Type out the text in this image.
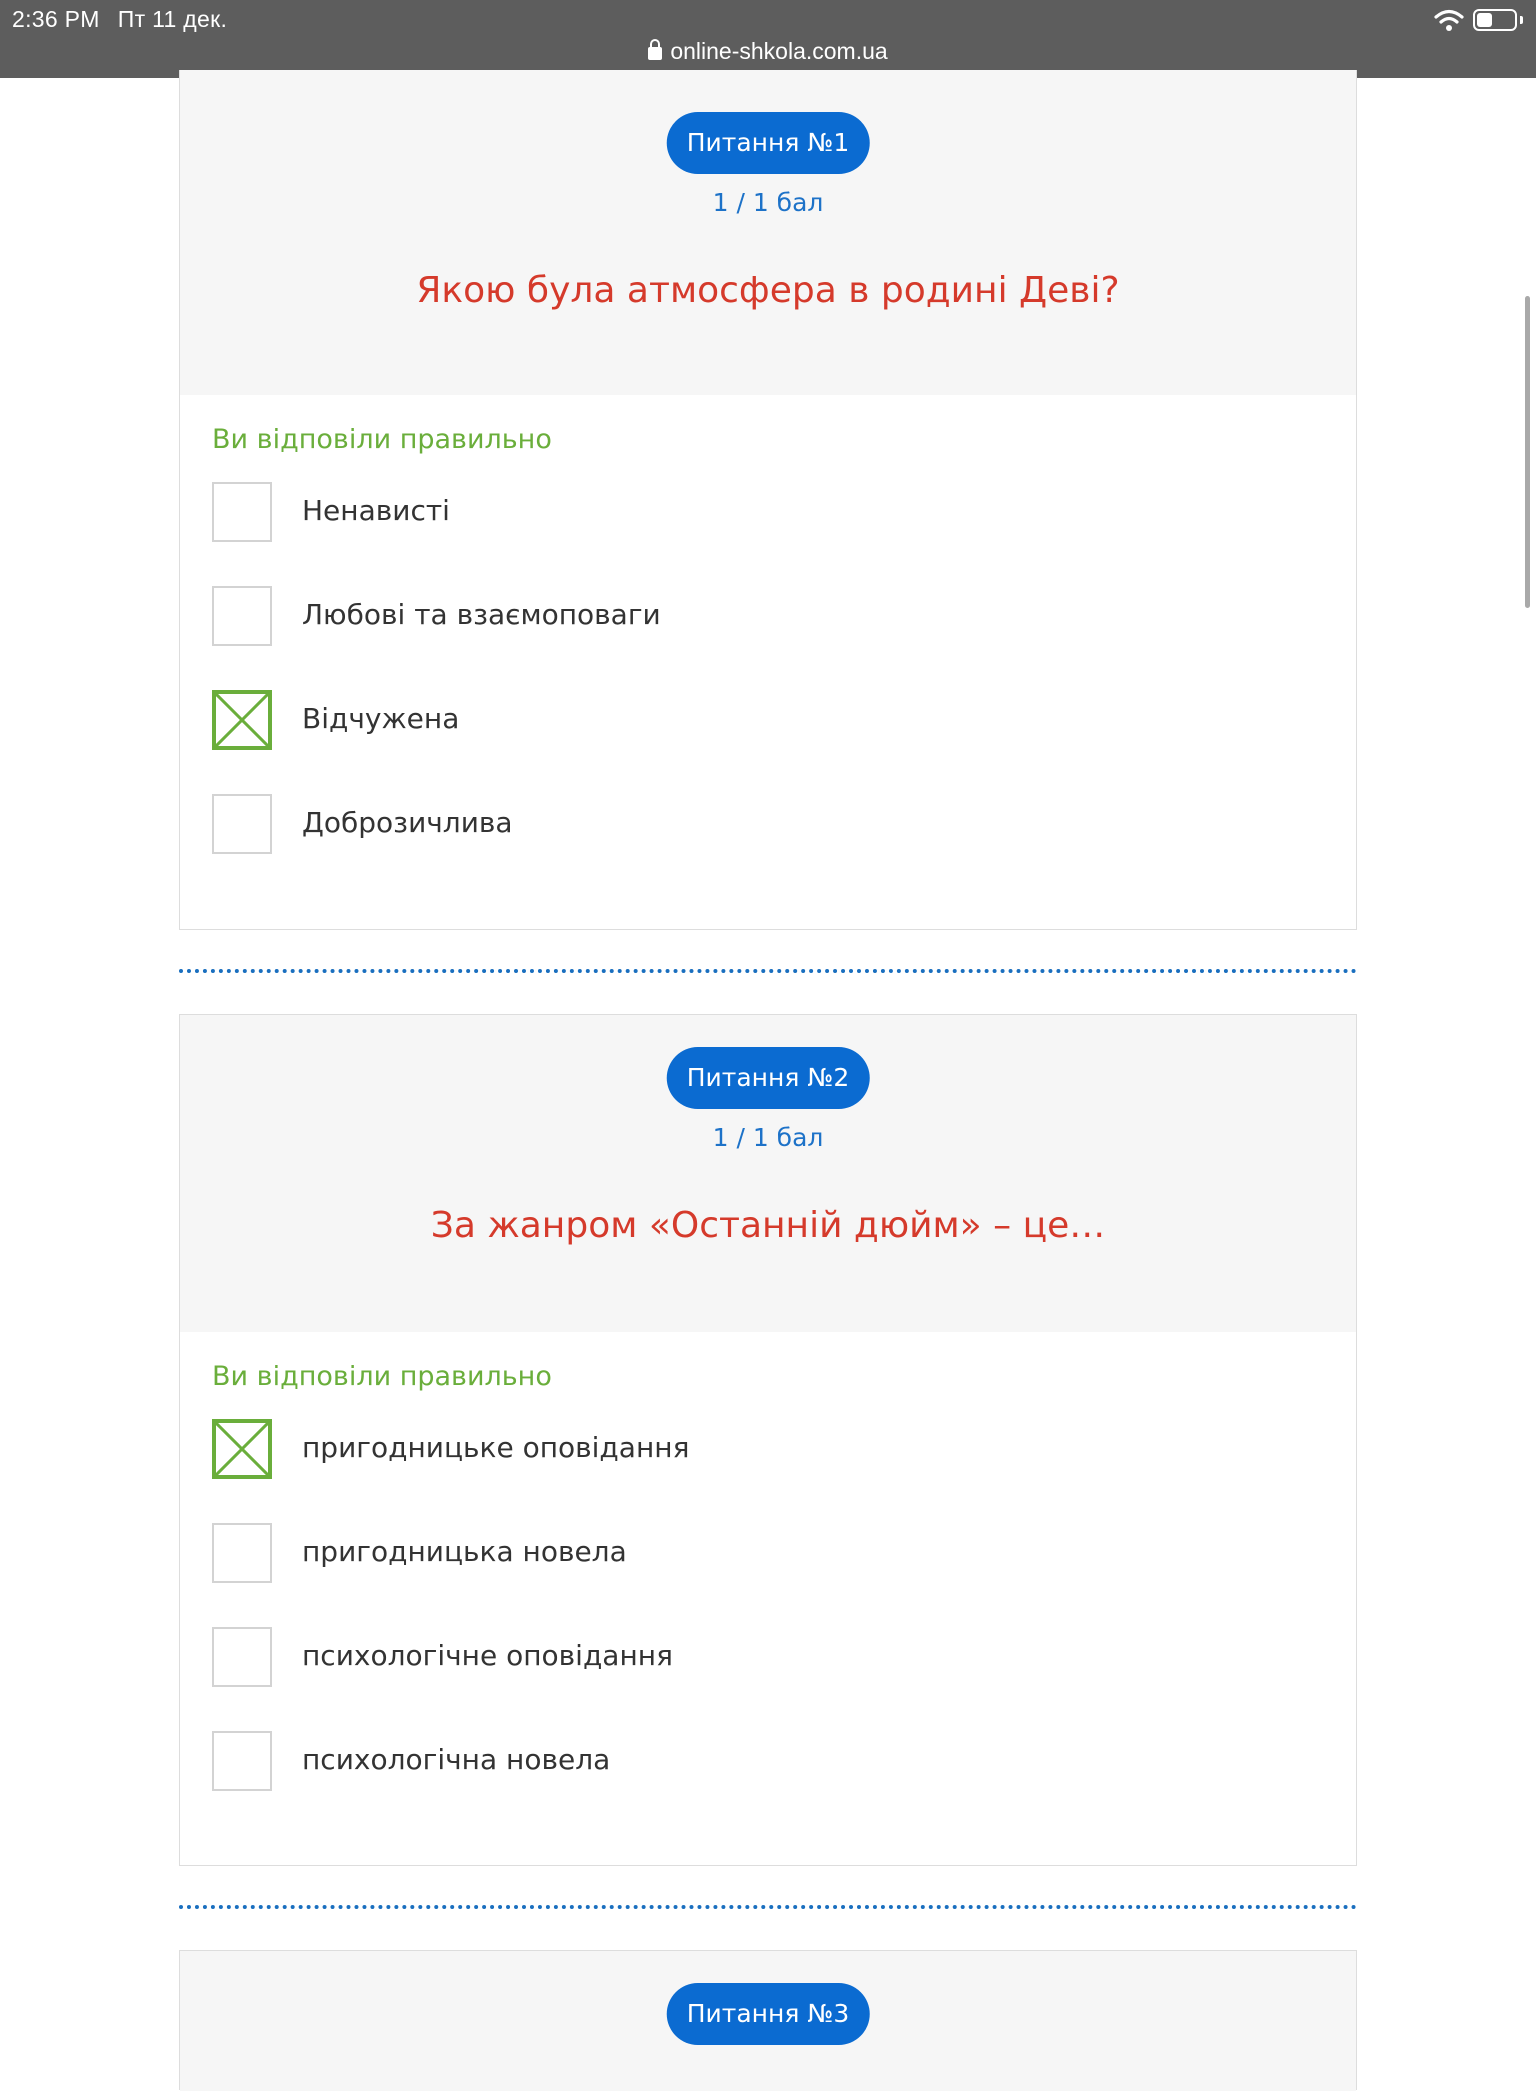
2:36 PM Пт 11 дек.
online-shkola.com.ua
Питання №1
1 / 1 бал
Якою була атмосфера в родині Деві?
Ви відповіли правильно
Ненависті
Любові та взаємоповаги
Відчужена
Доброзичлива
Питання №2
1 / 1 бал
За жанром «Останній дюйм» – це…
Ви відповіли правильно
пригодницьке оповідання
пригодницька новела
психологічне оповідання
психологічна новела
Питання №3
